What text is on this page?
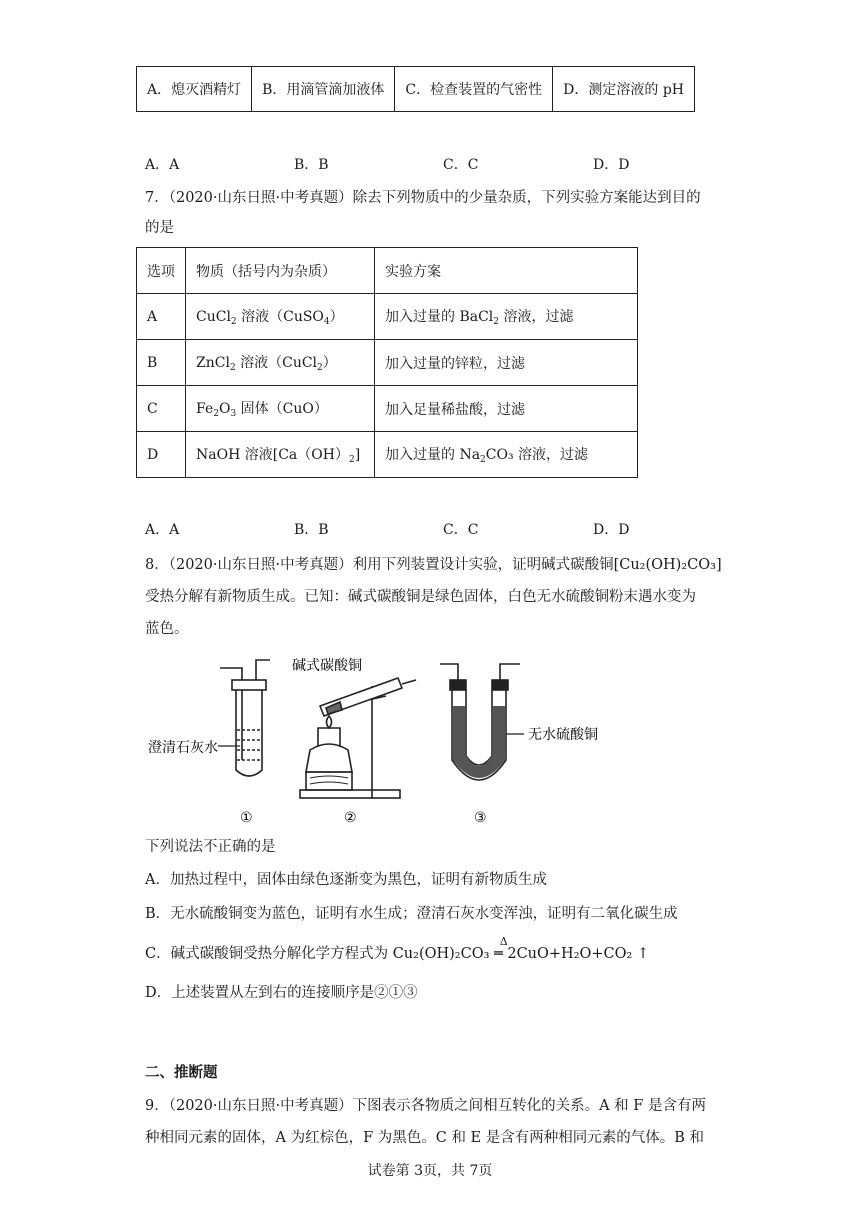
A．熄灭酒精灯	B．用滴管滴加液体	C．检查装置的气密性	D．测定溶液的 pH
A．A	B．B	C．C	D．D
7．（2020·山东日照·中考真题）除去下列物质中的少量杂质，下列实验方案能达到目的
的是
选项	物质（括号内为杂质）	实验方案
A	CuCl$_2$ 溶液（CuSO$_4$）	加入过量的 BaCl$_2$ 溶液，过滤
B	ZnCl$_2$ 溶液（CuCl$_2$）	加入过量的锌粒，过滤
C	$Fe_2O_3$ 固体（CuO）	加入足量稀盐酸，过滤
D	NaOH 溶液$[Ca(OH)_2]$	加入过量的 $Na_2CO_3$ 溶液，过滤
A．A	B．B	C．C	D．D
8．（2020·山东日照·中考真题）利用下列装置设计实验，证明碱式碳酸铜[Cu₂(OH)₂CO₃]
受热分解有新物质生成。已知：碱式碳酸铜是绿色固体，白色无水硫酸铜粉末遇水变为
蓝色。
澄清石灰水
碱式碳酸铜
无水硫酸铜
①	②	③
下列说法不正确的是
A．加热过程中，固体由绿色逐渐变为黑色，证明有新物质生成
B．无水硫酸铜变为蓝色，证明有水生成；澄清石灰水变浑浊，证明有二氧化碳生成
C．碱式碳酸铜受热分解化学方程式为
Δ
Cu₂(OH)₂CO₃ ═ 2CuO+H₂O+CO₂ ↑
D．上述装置从左到右的连接顺序是②①③
二、推断题
9．（2020·山东日照·中考真题）下图表示各物质之间相互转化的关系。A 和 F 是含有两
种相同元素的固体，A 为红棕色，F 为黑色。C 和 E 是含有两种相同元素的气体。B 和
试卷第 3页，共 7页
